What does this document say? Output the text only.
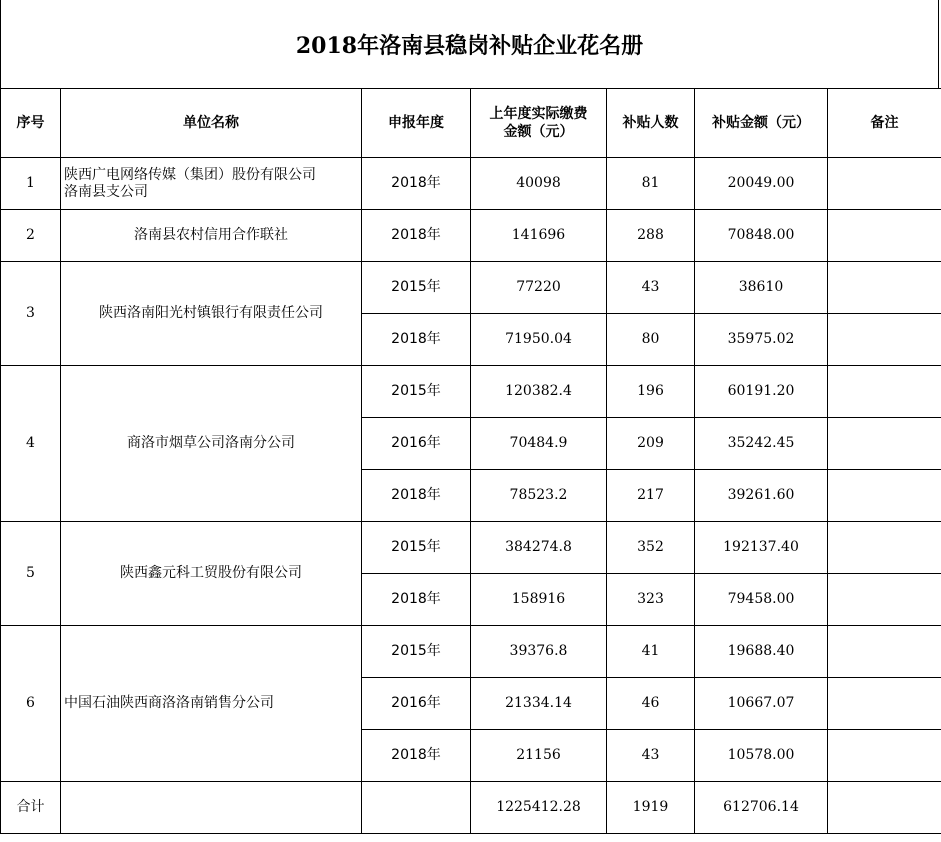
2018年洛南县稳岗补贴企业花名册
序号	单位名称	申报年度	上年度实际缴费
金额（元）	补贴人数	补贴金额（元）	备注
1	陕西广电网络传媒（集团）股份有限公司
洛南县支公司	2018年	40098	81	20049.00	
2	洛南县农村信用合作联社	2018年	141696	288	70848.00	
3	陕西洛南阳光村镇银行有限责任公司	2015年	77220	43	38610	
		2018年	71950.04	80	35975.02	
4	商洛市烟草公司洛南分公司	2015年	120382.4	196	60191.20	
		2016年	70484.9	209	35242.45	
		2018年	78523.2	217	39261.60	
5	陕西鑫元科工贸股份有限公司	2015年	384274.8	352	192137.40	
		2018年	158916	323	79458.00	
6	中国石油陕西商洛洛南销售分公司	2015年	39376.8	41	19688.40	
		2016年	21334.14	46	10667.07	
		2018年	21156	43	10578.00	
合计			1225412.28	1919	612706.14	
